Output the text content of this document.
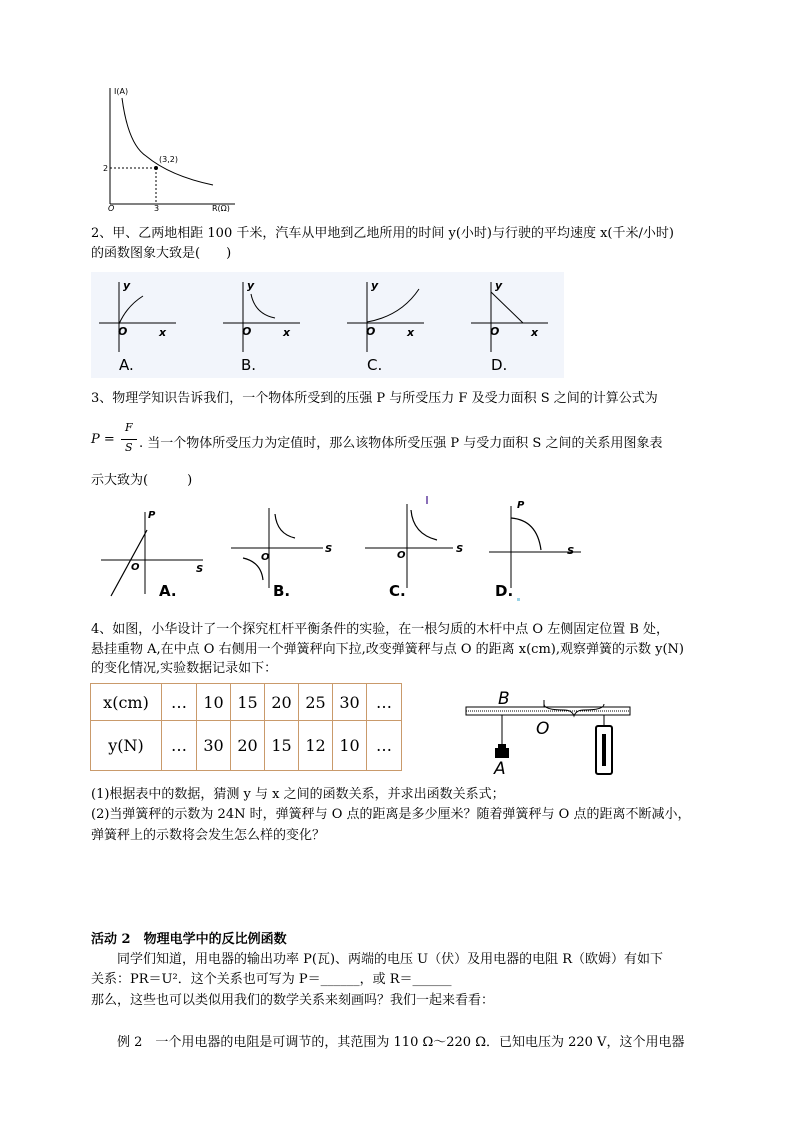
I(A)
(3,2)
2
O	3	R(Ω)
2、甲、乙两地相距 100 千米，汽车从甲地到乙地所用的时间 y(小时)与行驶的平均速度 x(千米/小时)
的函数图象大致是(　　)
y
O	x
A.
y
O	x
B.
y
O	x
C.
y
O	x
D.
3、物理学知识告诉我们，一个物体所受到的压强 P 与所受压力 F 及受力面积 S 之间的计算公式为
P =
F
S . 当一个物体所受压力为定值时，那么该物体所受压强 P 与受力面积 S 之间的关系用图象表
示大致为(　　　)
P
O	S
A.
O
S
B.
O
S
C.
P
S
D.
4、如图，小华设计了一个探究杠杆平衡条件的实验，在一根匀质的木杆中点 O 左侧固定位置 B 处，
悬挂重物 A,在中点 O 右侧用一个弹簧秤向下拉,改变弹簧秤与点 O 的距离 x(cm),观察弹簧的示数 y(N)
的变化情况,实验数据记录如下：
x(cm)	…	10	15	20	25	30	…
y(N)	…	30	20	15	12	10	…
B
O
A
(1)根据表中的数据，猜测 y 与 x 之间的函数关系，并求出函数关系式；
(2)当弹簧秤的示数为 24N 时，弹簧秤与 O 点的距离是多少厘米？随着弹簧秤与 O 点的距离不断减小，
弹簧秤上的示数将会发生怎么样的变化？
活动 2　物理电学中的反比例函数
同学们知道，用电器的输出功率 P(瓦)、两端的电压 U（伏）及用电器的电阻 R（欧姆）有如下
关系：PR＝U²．这个关系也可写为 P＝______，或 R＝______
那么，这些也可以类似用我们的数学关系来刻画吗？我们一起来看看：
例 2　一个用电器的电阻是可调节的，其范围为 110 Ω～220 Ω．已知电压为 220 V，这个用电器
